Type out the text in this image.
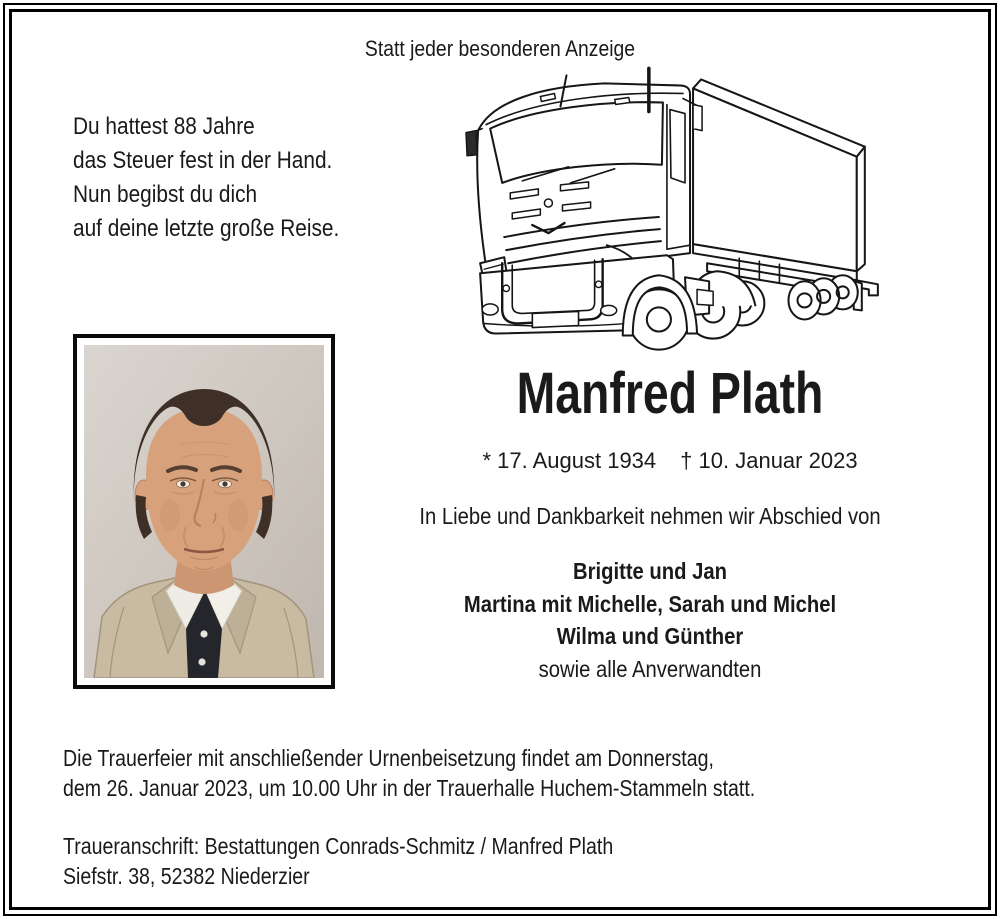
Statt jeder besonderen Anzeige
Du hattest 88 Jahre
das Steuer fest in der Hand.
Nun begibst du dich
auf deine letzte große Reise.
Manfred Plath
* 17. August 1934 † 10. Januar 2023
In Liebe und Dankbarkeit nehmen wir Abschied von
Brigitte und Jan
Martina mit Michelle, Sarah und Michel
Wilma und Günther
sowie alle Anverwandten
Die Trauerfeier mit anschließender Urnenbeisetzung findet am Donnerstag,
dem 26. Januar 2023, um 10.00 Uhr in der Trauerhalle Huchem-Stammeln statt.
Traueranschrift: Bestattungen Conrads-Schmitz / Manfred Plath
Siefstr. 38, 52382 Niederzier
